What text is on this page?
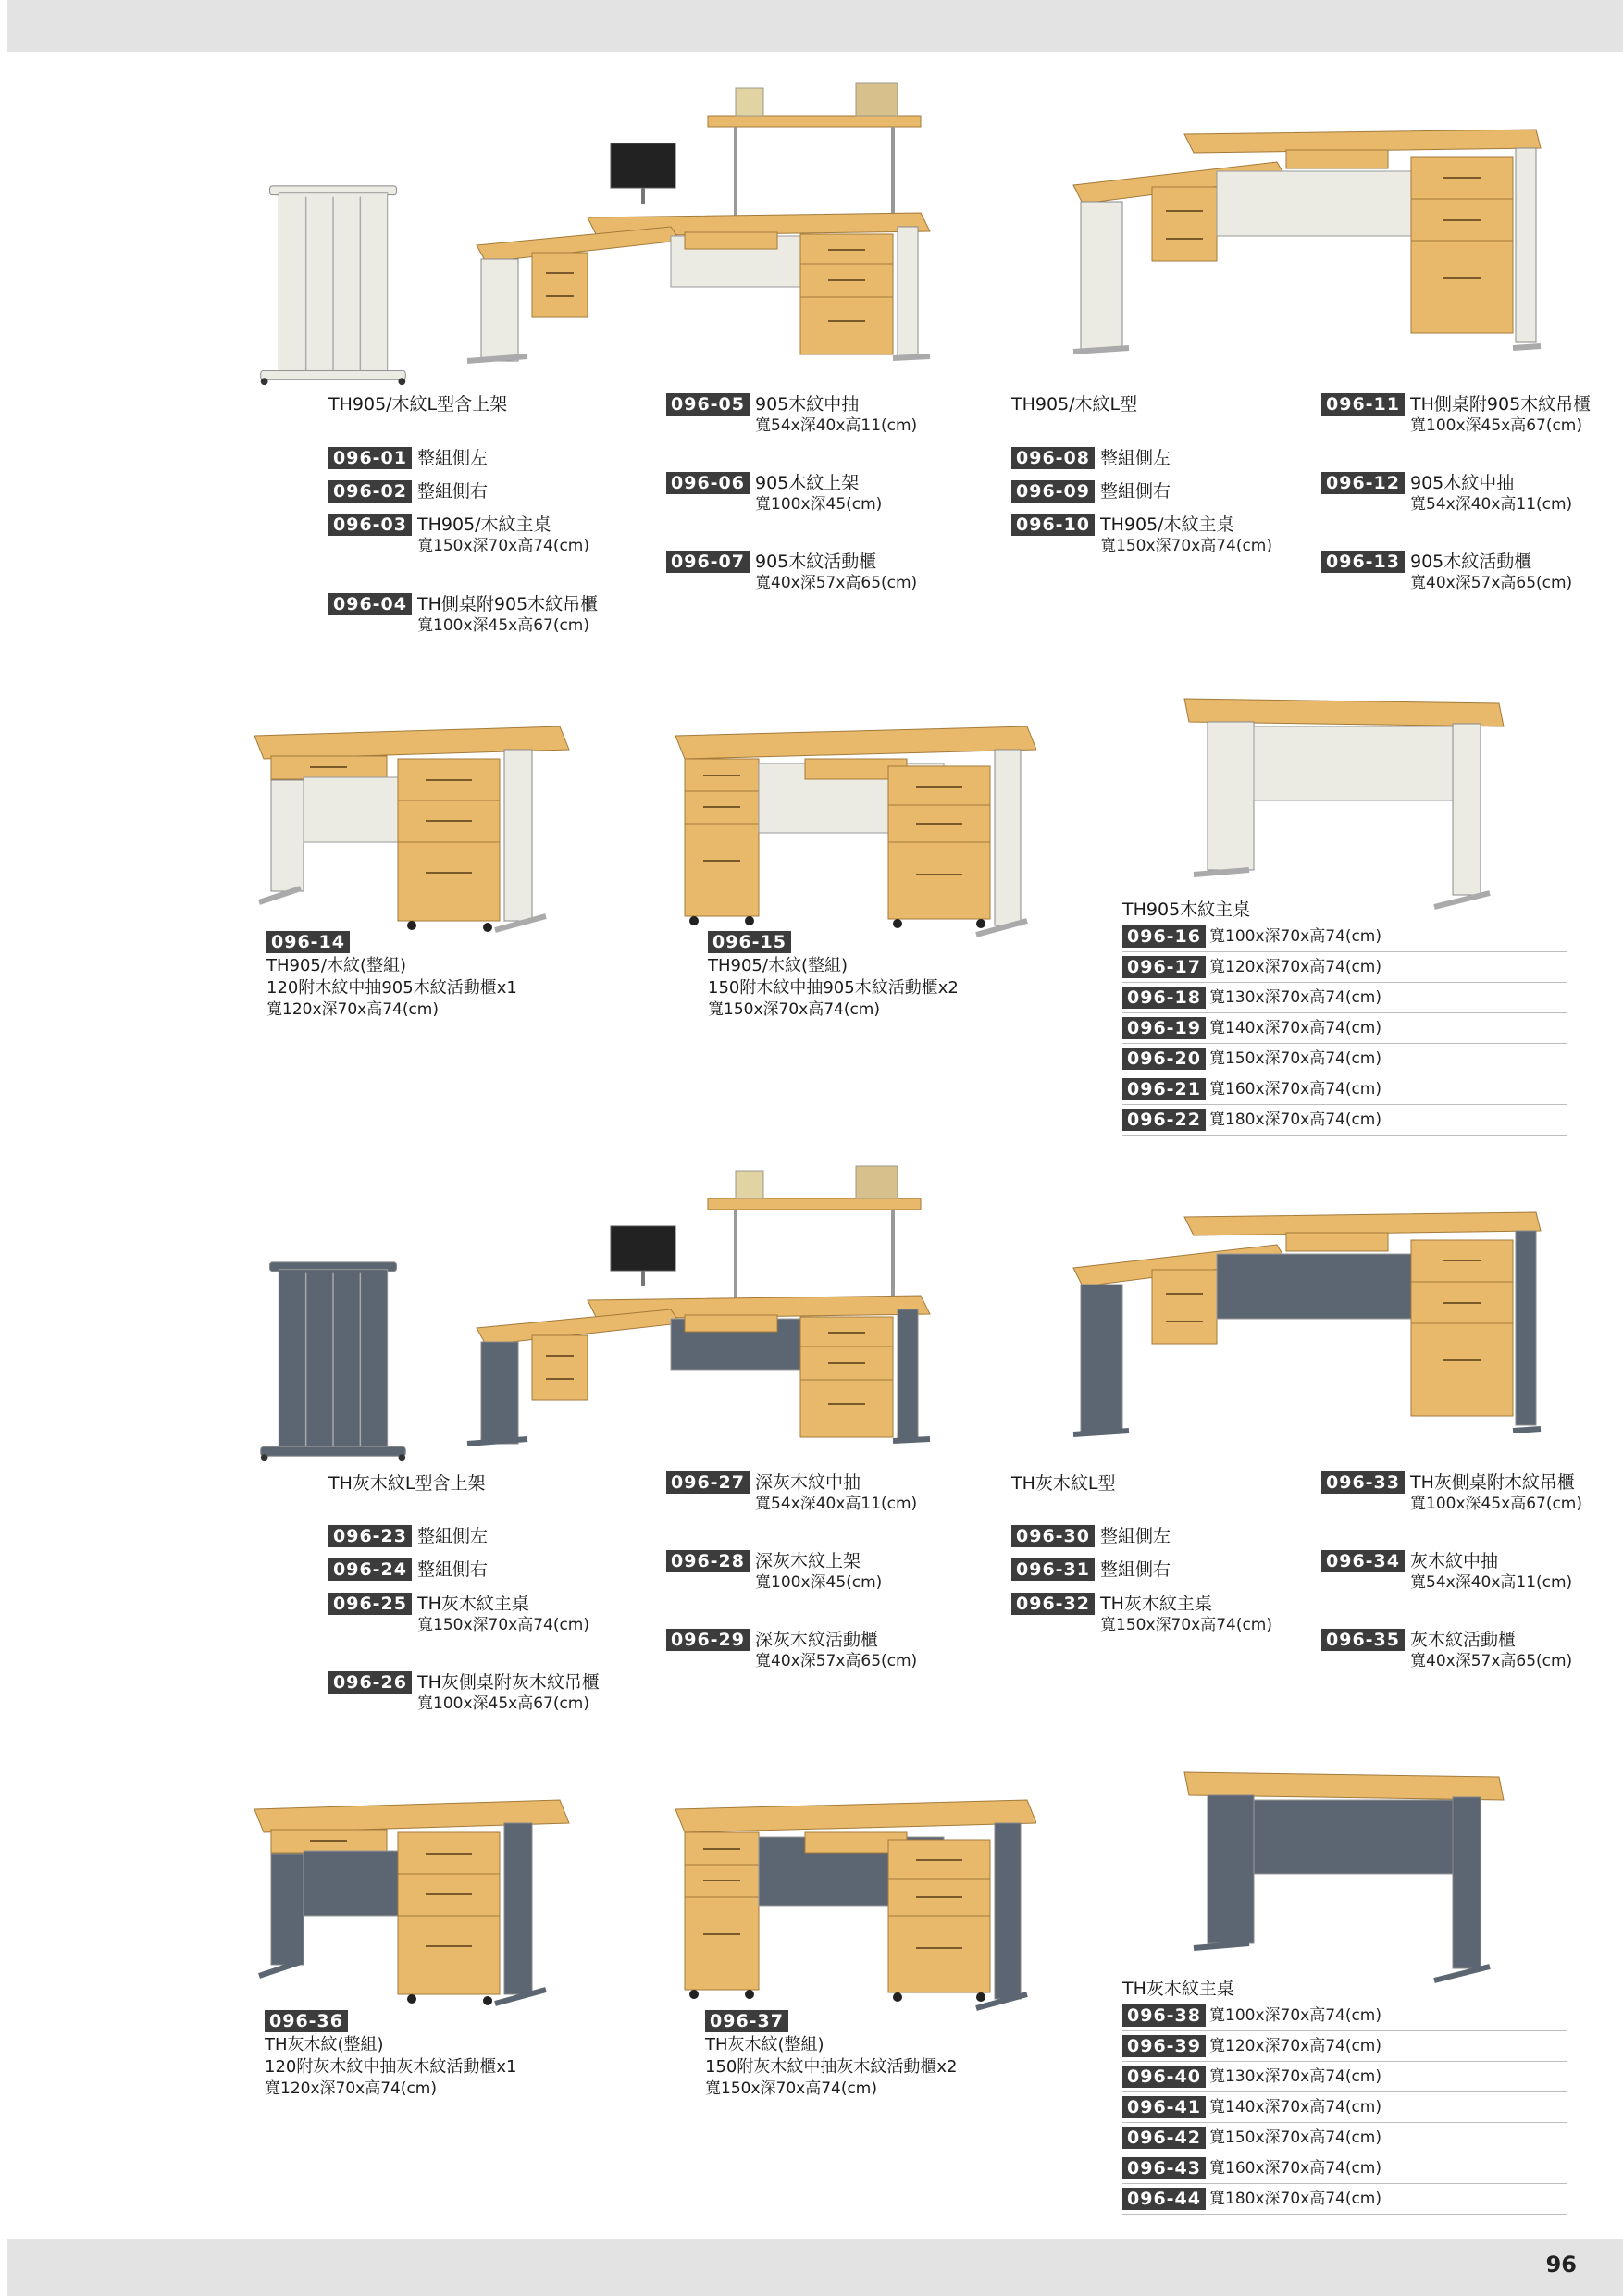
TH905/木紋L型含上架
096-01 整組側左
096-02 整組側右
096-03 TH905/木紋主桌
寬150x深70x高74(cm)
096-04 TH側桌附905木紋吊櫃
寬100x深45x高67(cm)
096-05 905木紋中抽
寬54x深40x高11(cm)
096-06 905木紋上架
寬100x深45(cm)
096-07 905木紋活動櫃
寬40x深57x高65(cm)
TH905/木紋L型
096-08 整組側左
096-09 整組側右
096-10 TH905/木紋主桌
寬150x深70x高74(cm)
096-11 TH側桌附905木紋吊櫃
寬100x深45x高67(cm)
096-12 905木紋中抽
寬54x深40x高11(cm)
096-13 905木紋活動櫃
寬40x深57x高65(cm)
096-14
TH905/木紋(整組)
120附木紋中抽905木紋活動櫃x1
寬120x深70x高74(cm)
096-15
TH905/木紋(整組)
150附木紋中抽905木紋活動櫃x2
寬150x深70x高74(cm)
TH905木紋主桌
096-16 寬100x深70x高74(cm)
096-17 寬120x深70x高74(cm)
096-18 寬130x深70x高74(cm)
096-19 寬140x深70x高74(cm)
096-20 寬150x深70x高74(cm)
096-21 寬160x深70x高74(cm)
096-22 寬180x深70x高74(cm)
TH灰木紋L型含上架
096-23 整組側左
096-24 整組側右
096-25 TH灰木紋主桌
寬150x深70x高74(cm)
096-26 TH灰側桌附灰木紋吊櫃
寬100x深45x高67(cm)
096-27 深灰木紋中抽
寬54x深40x高11(cm)
096-28 深灰木紋上架
寬100x深45(cm)
096-29 深灰木紋活動櫃
寬40x深57x高65(cm)
TH灰木紋L型
096-30 整組側左
096-31 整組側右
096-32 TH灰木紋主桌
寬150x深70x高74(cm)
096-33 TH灰側桌附木紋吊櫃
寬100x深45x高67(cm)
096-34 灰木紋中抽
寬54x深40x高11(cm)
096-35 灰木紋活動櫃
寬40x深57x高65(cm)
096-36
TH灰木紋(整組)
120附灰木紋中抽灰木紋活動櫃x1
寬120x深70x高74(cm)
096-37
TH灰木紋(整組)
150附灰木紋中抽灰木紋活動櫃x2
寬150x深70x高74(cm)
TH灰木紋主桌
096-38 寬100x深70x高74(cm)
096-39 寬120x深70x高74(cm)
096-40 寬130x深70x高74(cm)
096-41 寬140x深70x高74(cm)
096-42 寬150x深70x高74(cm)
096-43 寬160x深70x高74(cm)
096-44 寬180x深70x高74(cm)
96
